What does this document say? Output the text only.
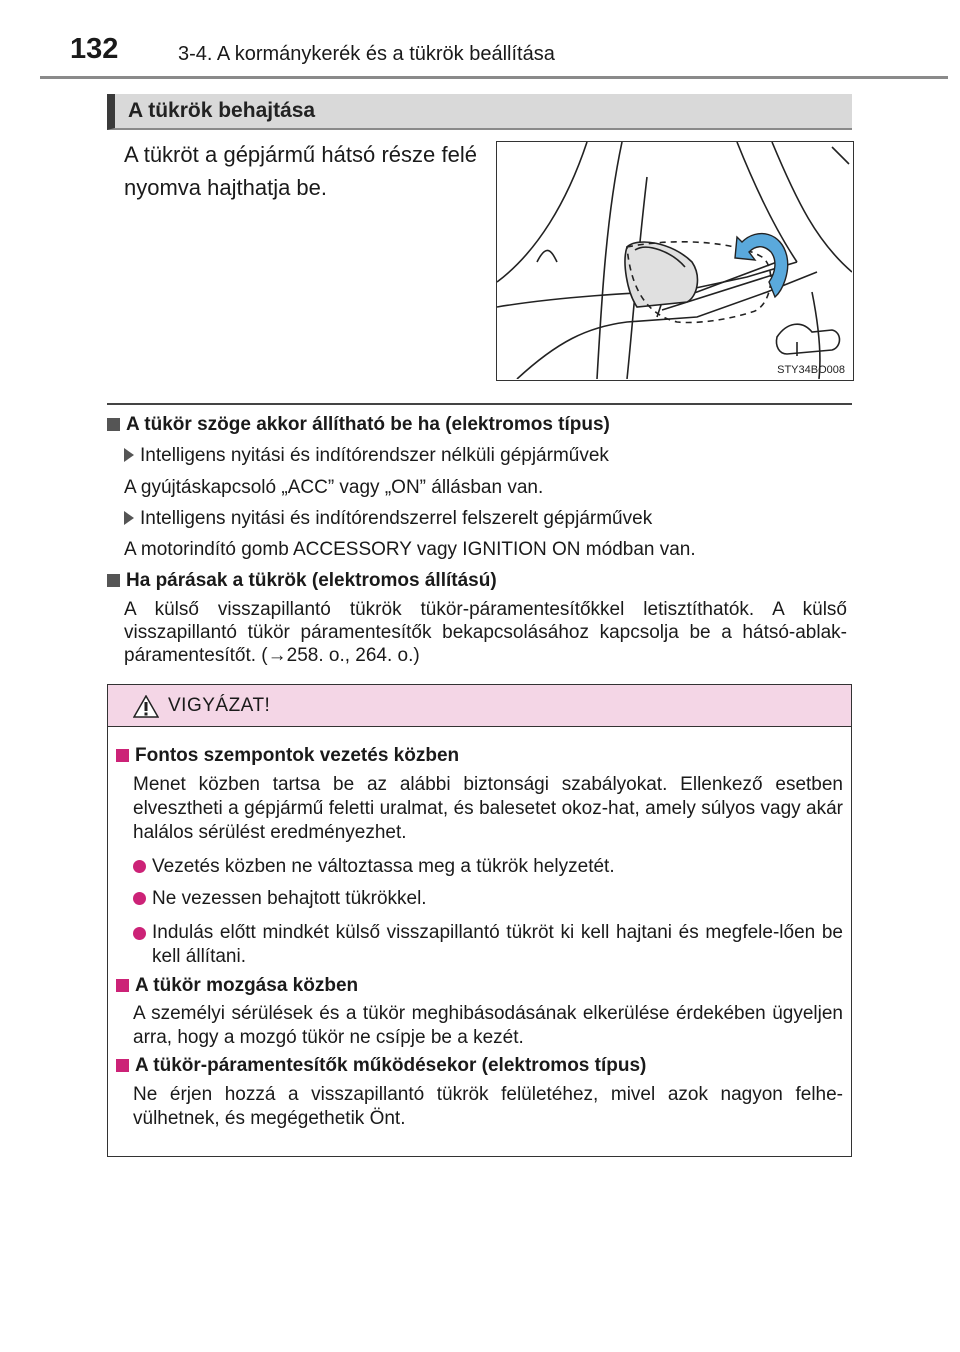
132	3-4. A kormánykerék és a tükrök beállítása
A tükrök behajtása
A tükröt a gépjármű hátsó része felé nyomva hajthatja be.
STY34BO008
A tükör szöge akkor állítható be ha (elektromos típus)
Intelligens nyitási és indítórendszer nélküli gépjárművek
A gyújtáskapcsoló „ACC” vagy „ON” állásban van.
Intelligens nyitási és indítórendszerrel felszerelt gépjárművek
A motorindító gomb ACCESSORY vagy IGNITION ON módban van.
Ha párásak a tükrök (elektromos állítású)
A külső visszapillantó tükrök tükör-páramentesítőkkel letisztíthatók. A külső visszapillantó tükör páramentesítők bekapcsolásához kapcsolja be a hátsó-ablak-páramentesítőt. (→258. o., 264. o.)
VIGYÁZAT!
Fontos szempontok vezetés közben
Menet közben tartsa be az alábbi biztonsági szabályokat. Ellenkező esetben elvesztheti a gépjármű feletti uralmat, és balesetet okoz-hat, amely súlyos vagy akár halálos sérülést eredményezhet.
Vezetés közben ne változtassa meg a tükrök helyzetét.
Ne vezessen behajtott tükrökkel.
Indulás előtt mindkét külső visszapillantó tükröt ki kell hajtani és megfele-lően be kell állítani.
A tükör mozgása közben
A személyi sérülések és a tükör meghibásodásának elkerülése érdekében ügyeljen arra, hogy a mozgó tükör ne csípje be a kezét.
A tükör-páramentesítők működésekor (elektromos típus)
Ne érjen hozzá a visszapillantó tükrök felületéhez, mivel azok nagyon felhe-vülhetnek, és megégethetik Önt.
